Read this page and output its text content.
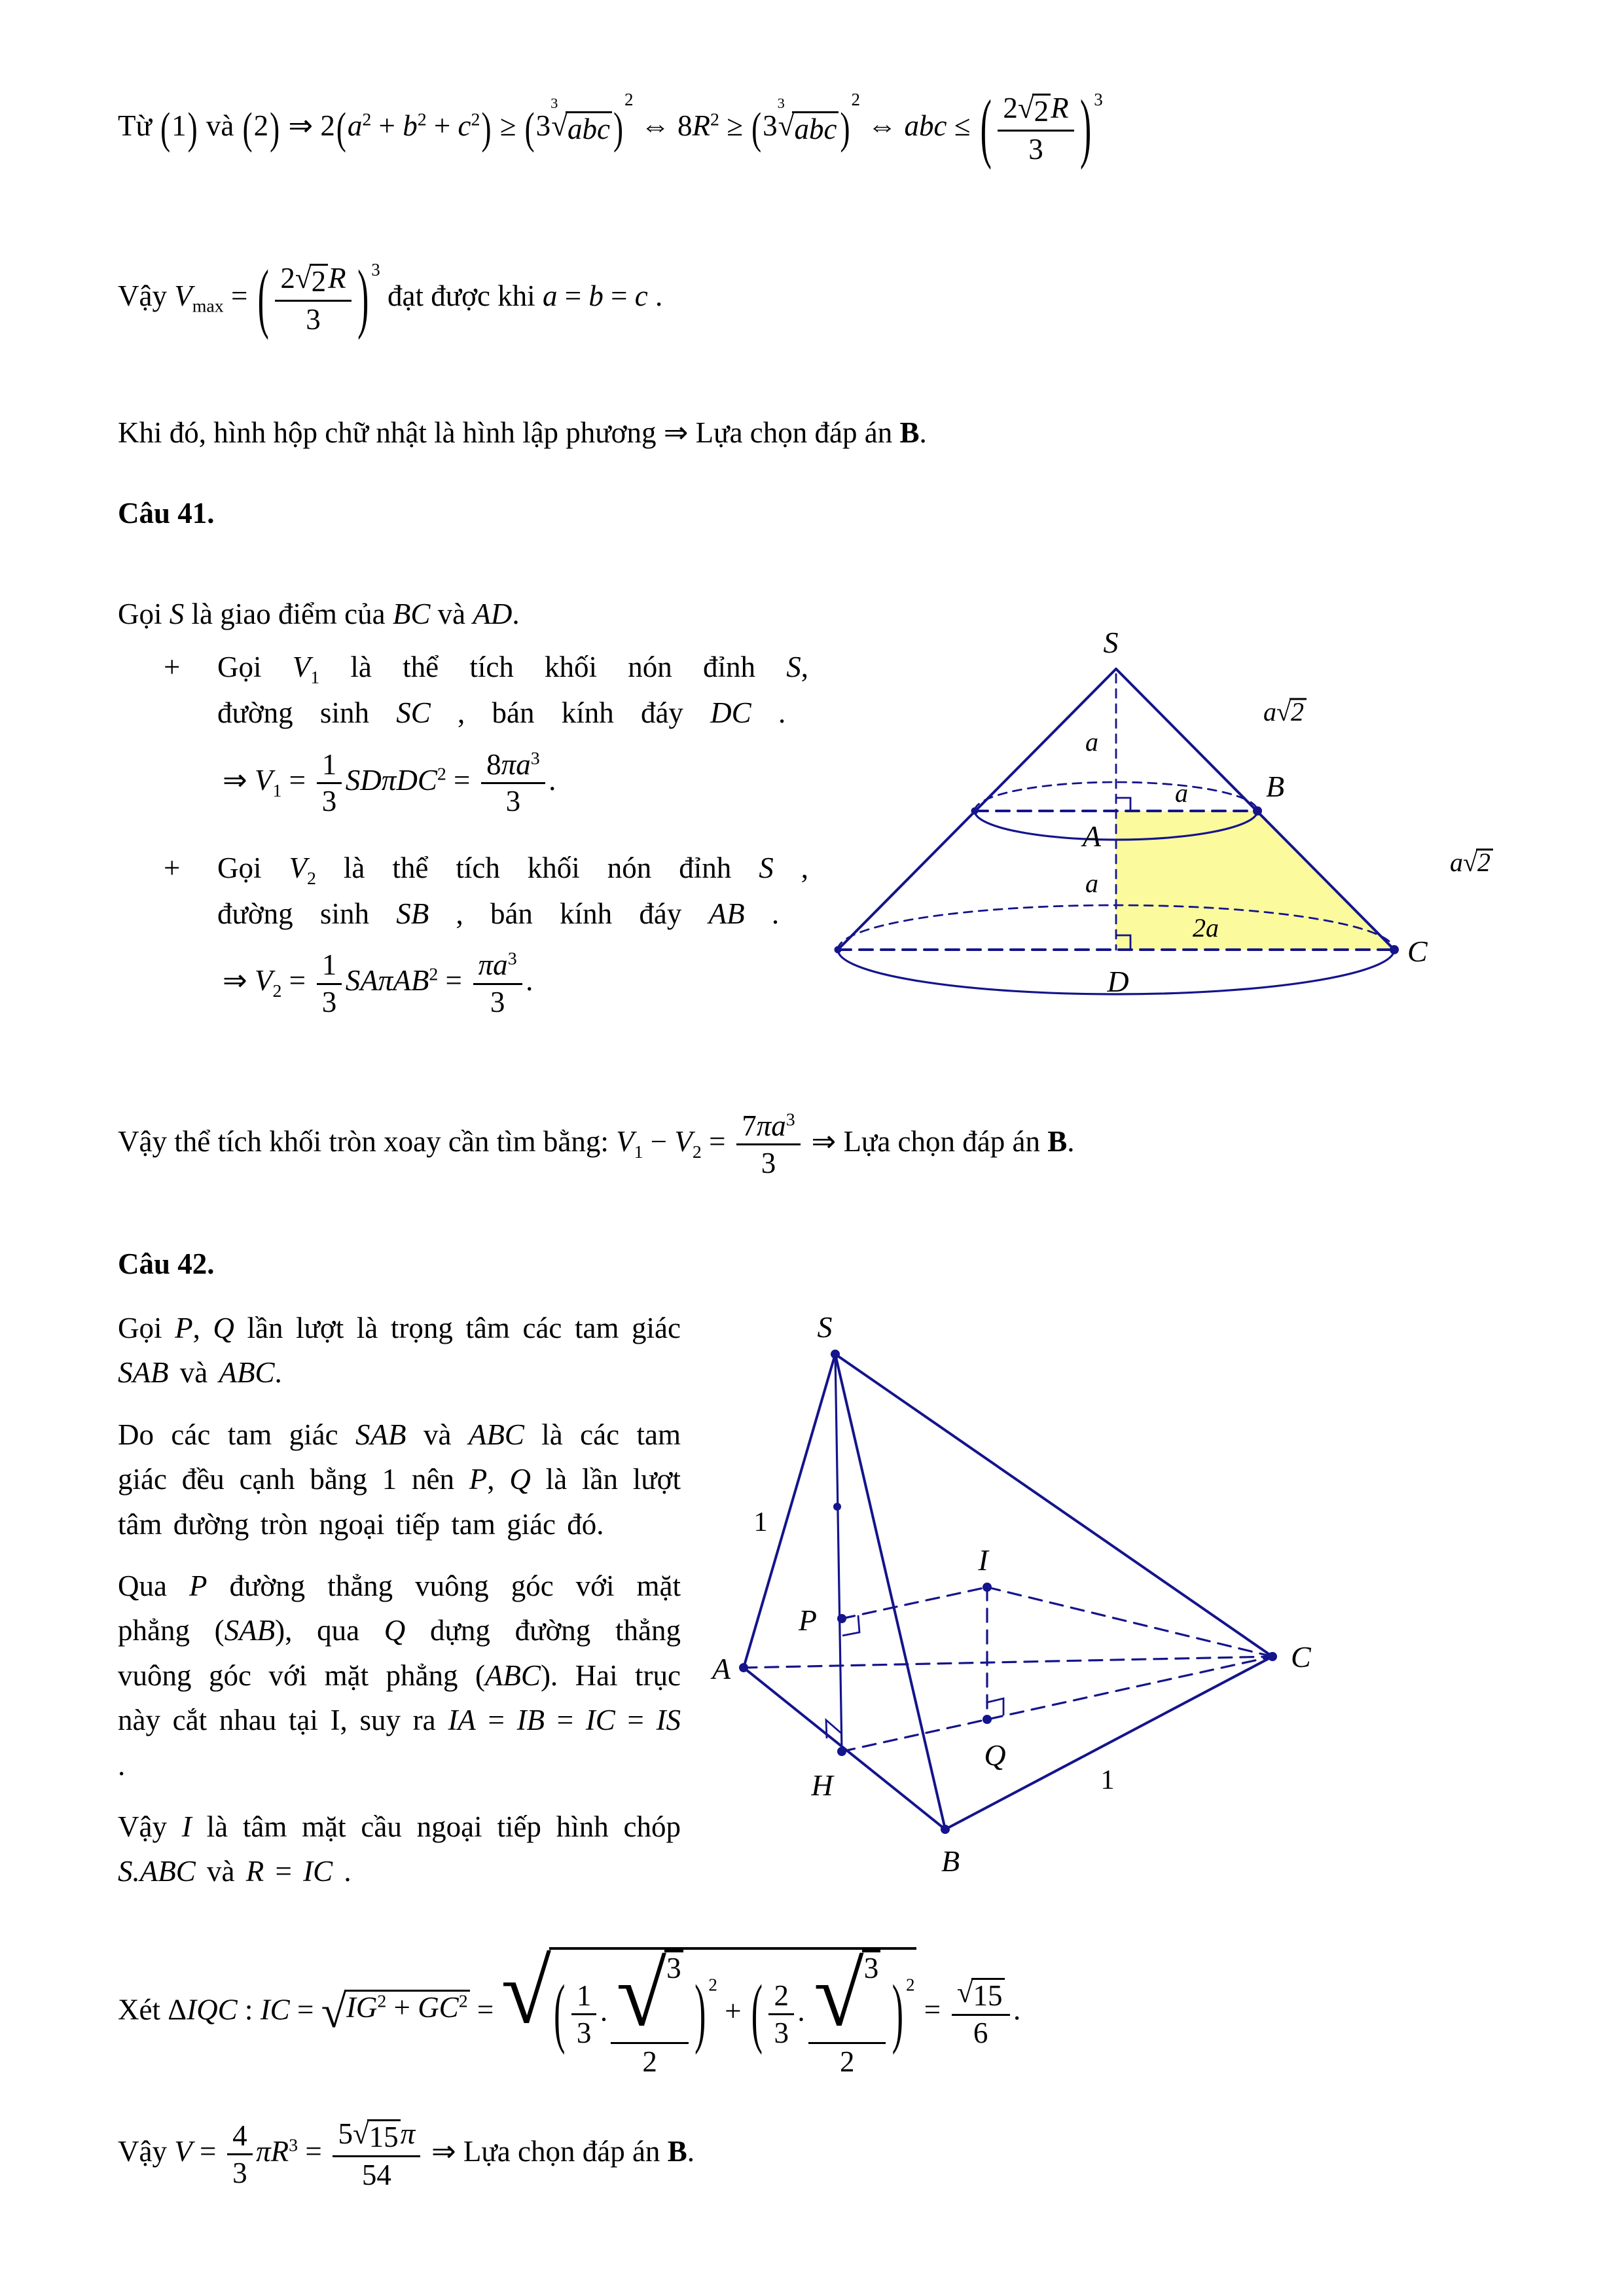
Từ (1) và (2) ⇒ $2(a^2 + b^2 + c^2) \ge (3$
3
√ abc )$^2$ ⇔ $8R^2 \ge (3$
3
√ abc )$^2$ ⇔ abc ≤ ( $\frac{2 √ 2 R}{3}$ ) $^3$
Vậy $V_{max}$ = ( $\frac{2 √ 2 R}{3}$ ) $^3$ đạt được khi a = b = c .
Khi đó, hình hộp chữ nhật là hình lập phương ⇒ Lựa chọn đáp án B.
Câu 41.
Gọi S là giao điểm của BC và AD.
+	Gọi $V_1$ là thể tích khối nón đỉnh S, đường sinh SC , bán kính đáy DC .
⇒ $V_1 = \frac{1}{3} SD\pi DC^2 = \frac{8\pi a^3}{3}$ .
+	Gọi $V_2$ là thể tích khối nón đỉnh S , đường sinh SB , bán kính đáy AB .
⇒ $V_2 = \frac{1}{3} SA\pi AB^2 = \frac{\pi a^3}{3}$ .
S
B
A
C
D
a
a
a
2a
a√2
a√2
Vậy thể tích khối tròn xoay cần tìm bằng: $V_1 - V_2 = \frac{7\pi a^3}{3}$ ⇒ Lựa chọn đáp án B.
Câu 42.

Gọi P, Q lần lượt là trọng tâm các tam giác SAB và ABC.

Do các tam giác SAB và ABC là các tam giác đều cạnh bằng 1 nên P, Q là lần lượt tâm đường tròn ngoại tiếp tam giác đó.

Qua P đường thẳng vuông góc với mặt phẳng (SAB), qua Q dựng đường thẳng vuông góc với mặt phẳng (ABC). Hai trục này cắt nhau tại I, suy ra IA = IB = IC = IS .

Vậy I là tâm mặt cầu ngoại tiếp hình chóp S.ABC và R = IC .

S
A
B
C
H
P
Q
I
1
1
Xét ΔIQC : IC = √ $IG^2 + GC^2$ = √ ( $\frac{1}{3}$ . $\frac{√ 3}{2}$ ) $^2$ + ( $\frac{2}{3}$ . $\frac{√ 3}{2}$ ) $^2$
= $\frac{√ 15}{6}$ .
Vậy $V = \frac{4}{3} \pi R^3 = \frac{5 √ 15 \pi}{54}$ ⇒ Lựa chọn đáp án B.
